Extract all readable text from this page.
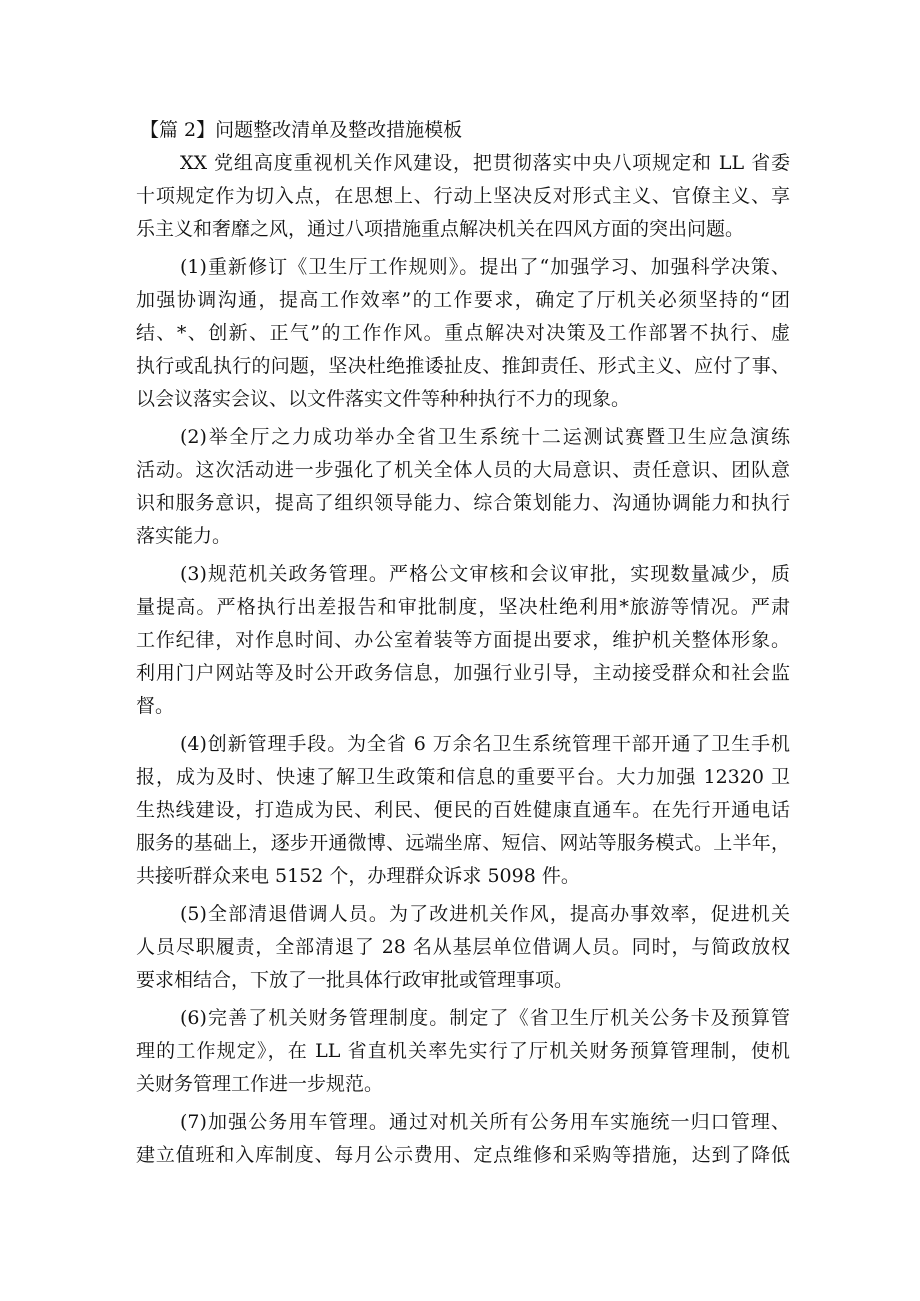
【篇 2】问题整改清单及整改措施模板
XX 党组高度重视机关作风建设，把贯彻落实中央八项规定和 LL 省委
十项规定作为切入点，在思想上、行动上坚决反对形式主义、官僚主义、享
乐主义和奢靡之风，通过八项措施重点解决机关在四风方面的突出问题。
(1)重新修订《卫生厅工作规则》。提出了“加强学习、加强科学决策、
加强协调沟通，提高工作效率”的工作要求，确定了厅机关必须坚持的“团
结、*、创新、正气”的工作作风。重点解决对决策及工作部署不执行、虚
执行或乱执行的问题，坚决杜绝推诿扯皮、推卸责任、形式主义、应付了事、
以会议落实会议、以文件落实文件等种种执行不力的现象。
(2)举全厅之力成功举办全省卫生系统十二运测试赛暨卫生应急演练
活动。这次活动进一步强化了机关全体人员的大局意识、责任意识、团队意
识和服务意识，提高了组织领导能力、综合策划能力、沟通协调能力和执行
落实能力。
(3)规范机关政务管理。严格公文审核和会议审批，实现数量减少，质
量提高。严格执行出差报告和审批制度，坚决杜绝利用*旅游等情况。严肃
工作纪律，对作息时间、办公室着装等方面提出要求，维护机关整体形象。
利用门户网站等及时公开政务信息，加强行业引导，主动接受群众和社会监
督。
(4)创新管理手段。为全省 6 万余名卫生系统管理干部开通了卫生手机
报，成为及时、快速了解卫生政策和信息的重要平台。大力加强 12320 卫
生热线建设，打造成为民、利民、便民的百姓健康直通车。在先行开通电话
服务的基础上，逐步开通微博、远端坐席、短信、网站等服务模式。上半年，
共接听群众来电 5152 个，办理群众诉求 5098 件。
(5)全部清退借调人员。为了改进机关作风，提高办事效率，促进机关
人员尽职履责，全部清退了 28 名从基层单位借调人员。同时，与简政放权
要求相结合，下放了一批具体行政审批或管理事项。
(6)完善了机关财务管理制度。制定了《省卫生厅机关公务卡及预算管
理的工作规定》，在 LL 省直机关率先实行了厅机关财务预算管理制，使机
关财务管理工作进一步规范。
(7)加强公务用车管理。通过对机关所有公务用车实施统一归口管理、
建立值班和入库制度、每月公示费用、定点维修和采购等措施，达到了降低
